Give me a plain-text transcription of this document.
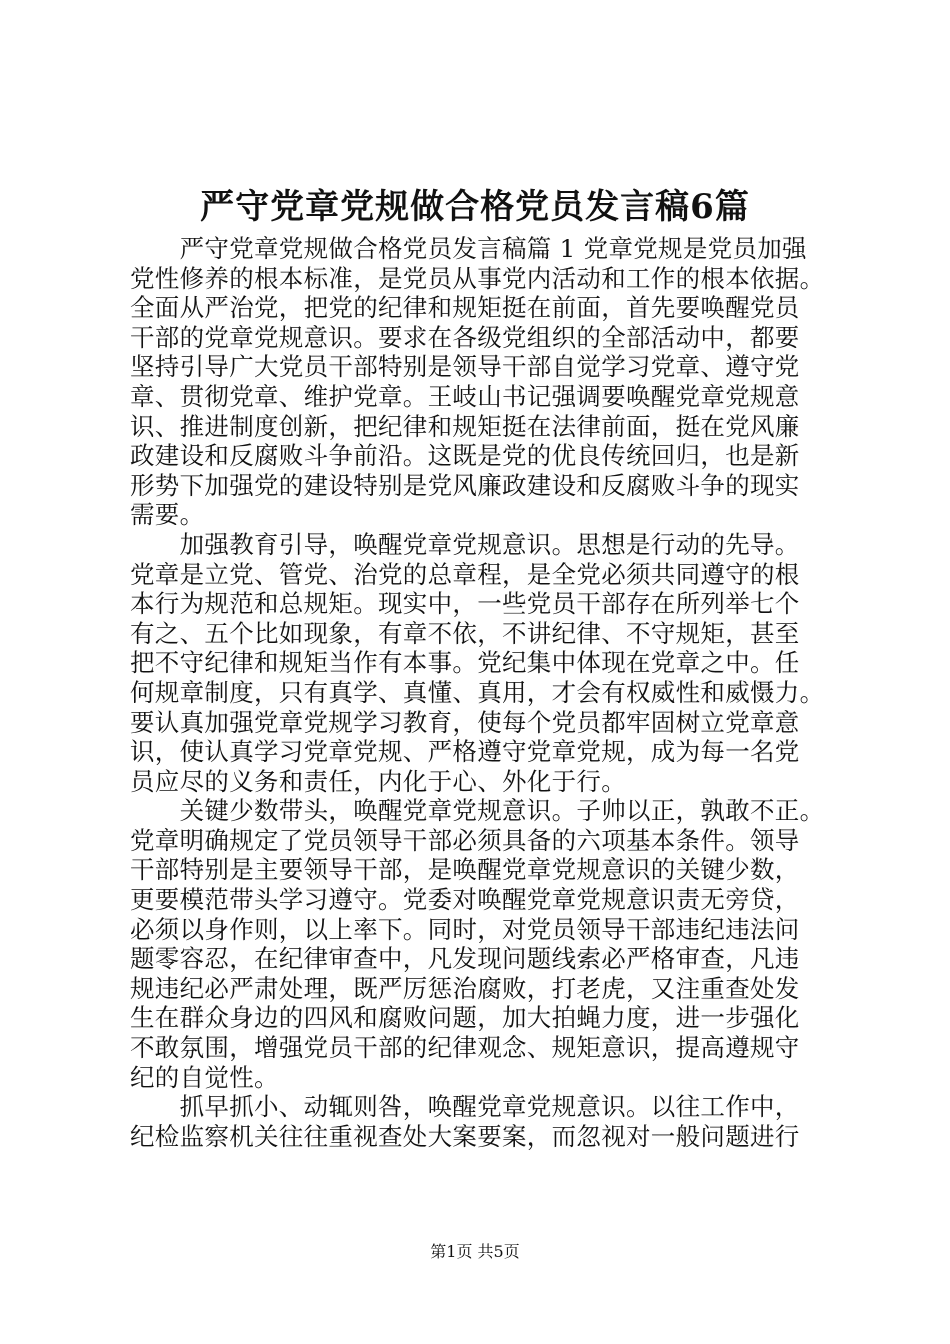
严守党章党规做合格党员发言稿6篇
　　严守党章党规做合格党员发言稿篇 1 党章党规是党员加强
党性修养的根本标准，是党员从事党内活动和工作的根本依据。
全面从严治党，把党的纪律和规矩挺在前面，首先要唤醒党员
干部的党章党规意识。要求在各级党组织的全部活动中，都要
坚持引导广大党员干部特别是领导干部自觉学习党章、遵守党
章、贯彻党章、维护党章。王岐山书记强调要唤醒党章党规意
识、推进制度创新，把纪律和规矩挺在法律前面，挺在党风廉
政建设和反腐败斗争前沿。这既是党的优良传统回归，也是新
形势下加强党的建设特别是党风廉政建设和反腐败斗争的现实
需要。
　　加强教育引导，唤醒党章党规意识。思想是行动的先导。
党章是立党、管党、治党的总章程，是全党必须共同遵守的根
本行为规范和总规矩。现实中，一些党员干部存在所列举七个
有之、五个比如现象，有章不依，不讲纪律、不守规矩，甚至
把不守纪律和规矩当作有本事。党纪集中体现在党章之中。任
何规章制度，只有真学、真懂、真用，才会有权威性和威慑力。
要认真加强党章党规学习教育，使每个党员都牢固树立党章意
识，使认真学习党章党规、严格遵守党章党规，成为每一名党
员应尽的义务和责任，内化于心、外化于行。
　　关键少数带头，唤醒党章党规意识。子帅以正，孰敢不正。
党章明确规定了党员领导干部必须具备的六项基本条件。领导
干部特别是主要领导干部，是唤醒党章党规意识的关键少数，
更要模范带头学习遵守。党委对唤醒党章党规意识责无旁贷，
必须以身作则，以上率下。同时，对党员领导干部违纪违法问
题零容忍，在纪律审查中，凡发现问题线索必严格审查，凡违
规违纪必严肃处理，既严厉惩治腐败，打老虎，又注重查处发
生在群众身边的四风和腐败问题，加大拍蝇力度，进一步强化
不敢氛围，增强党员干部的纪律观念、规矩意识，提高遵规守
纪的自觉性。
　　抓早抓小、动辄则咎，唤醒党章党规意识。以往工作中，
纪检监察机关往往重视查处大案要案，而忽视对一般问题进行
第1页 共5页
